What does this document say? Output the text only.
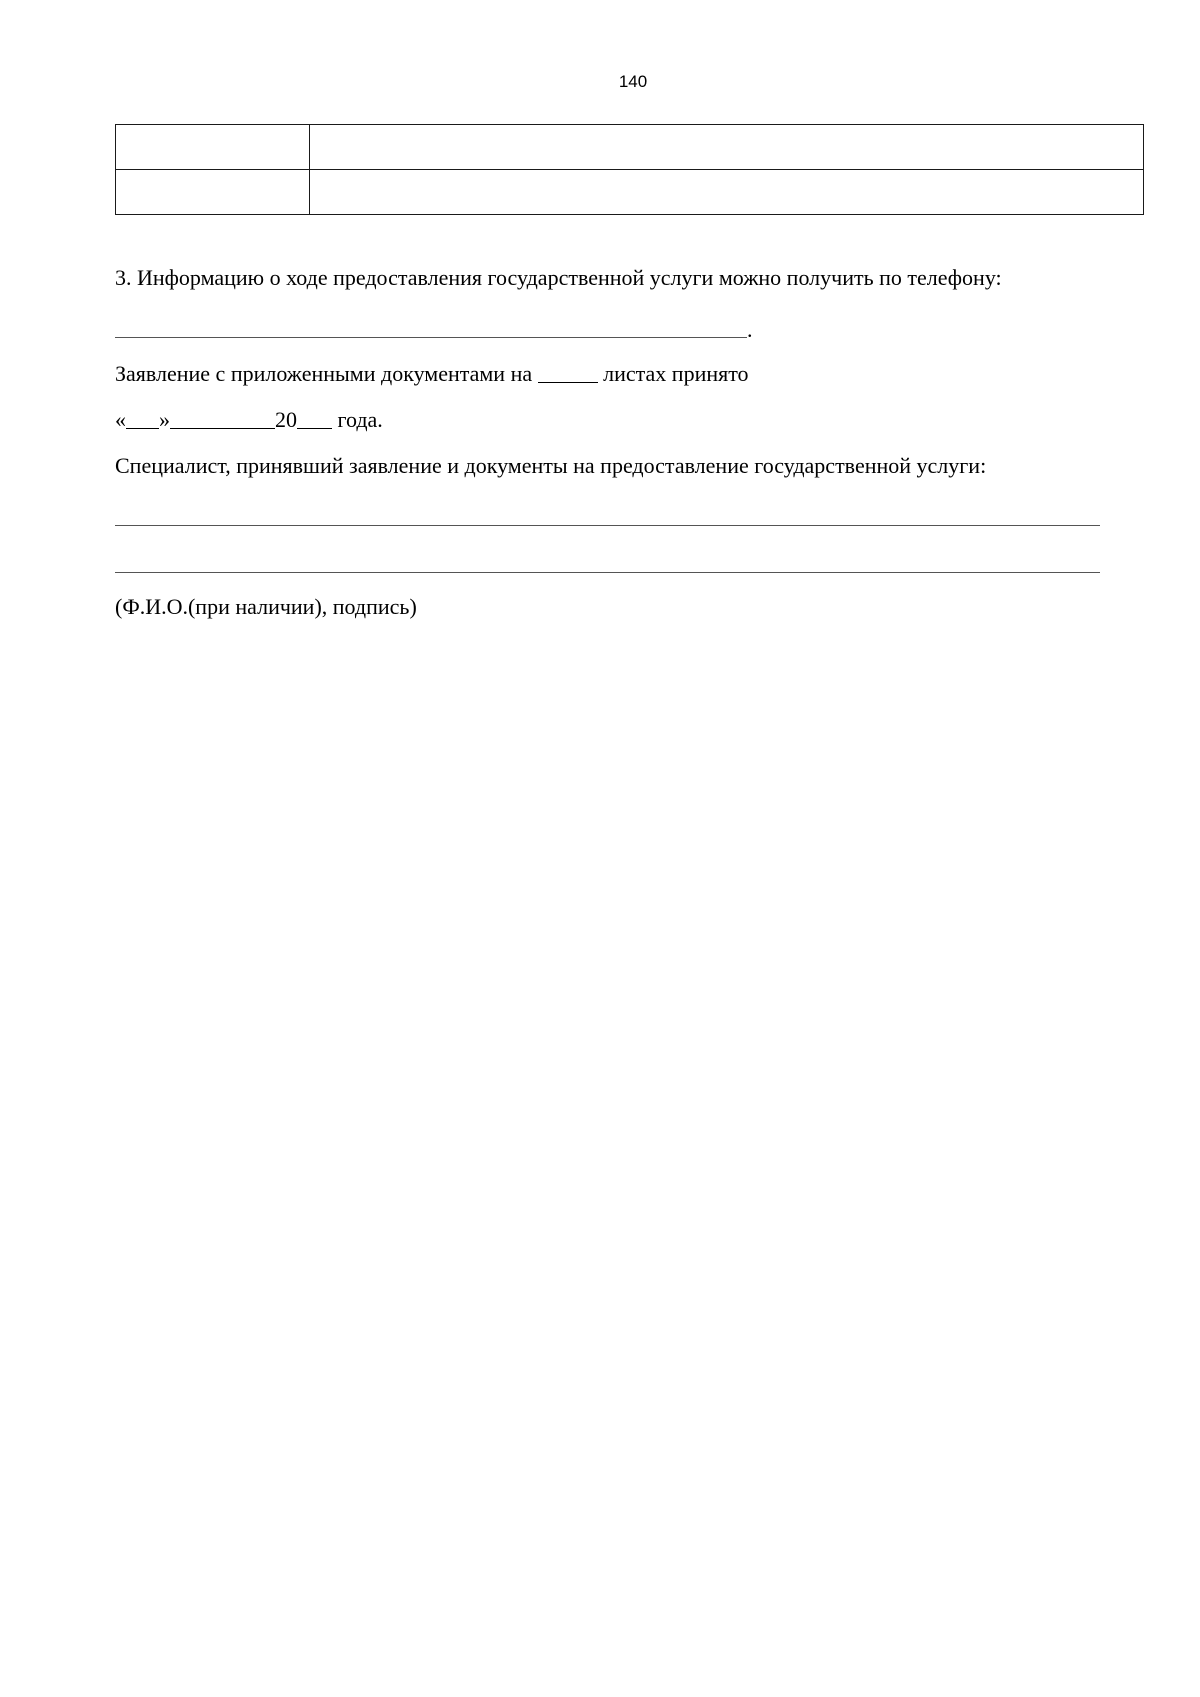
140

3. Информацию о ходе предоставления государственной услуги можно получить по телефону:
.
Заявление с приложенными документами на	листах принято
« »	20 года.
Специалист, принявший заявление и документы на предоставление государственной услуги:
(Ф.И.О.(при наличии), подпись)
